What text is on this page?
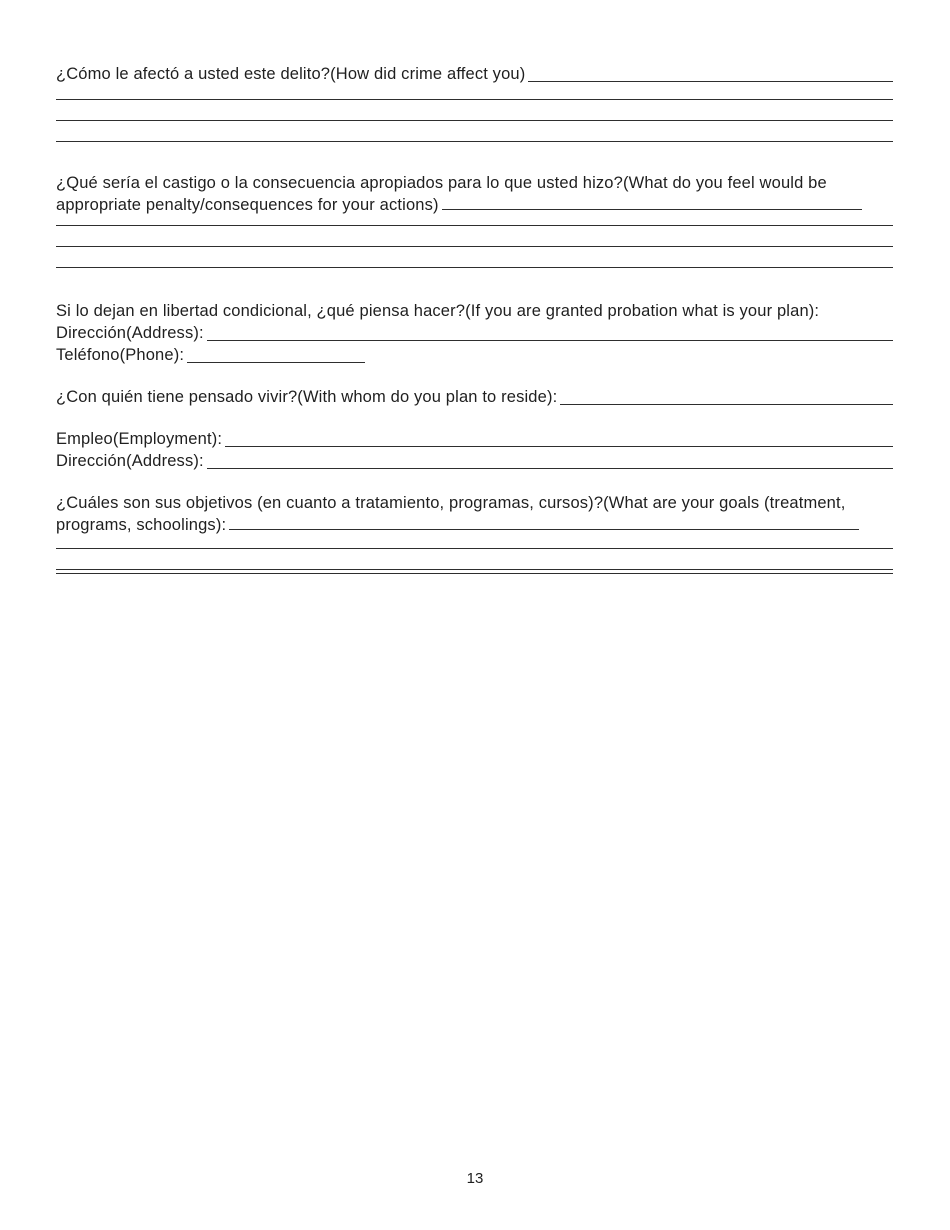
¿Cómo le afectó a usted este delito?(How did crime affect you)

¿Qué sería el castigo o la consecuencia apropiados para lo que usted hizo?(What do you feel would be appropriate penalty/consequences for your actions)

Si lo dejan en libertad condicional, ¿qué piensa hacer?(If you are granted probation what is your plan):

Dirección(Address):
Teléfono(Phone):
¿Con quién tiene pensado vivir?(With whom do you plan to reside):
Empleo(Employment):
Dirección(Address):

¿Cuáles son sus objetivos (en cuanto a tratamiento, programas, cursos)?(What are your goals (treatment, programs, schoolings):

13
